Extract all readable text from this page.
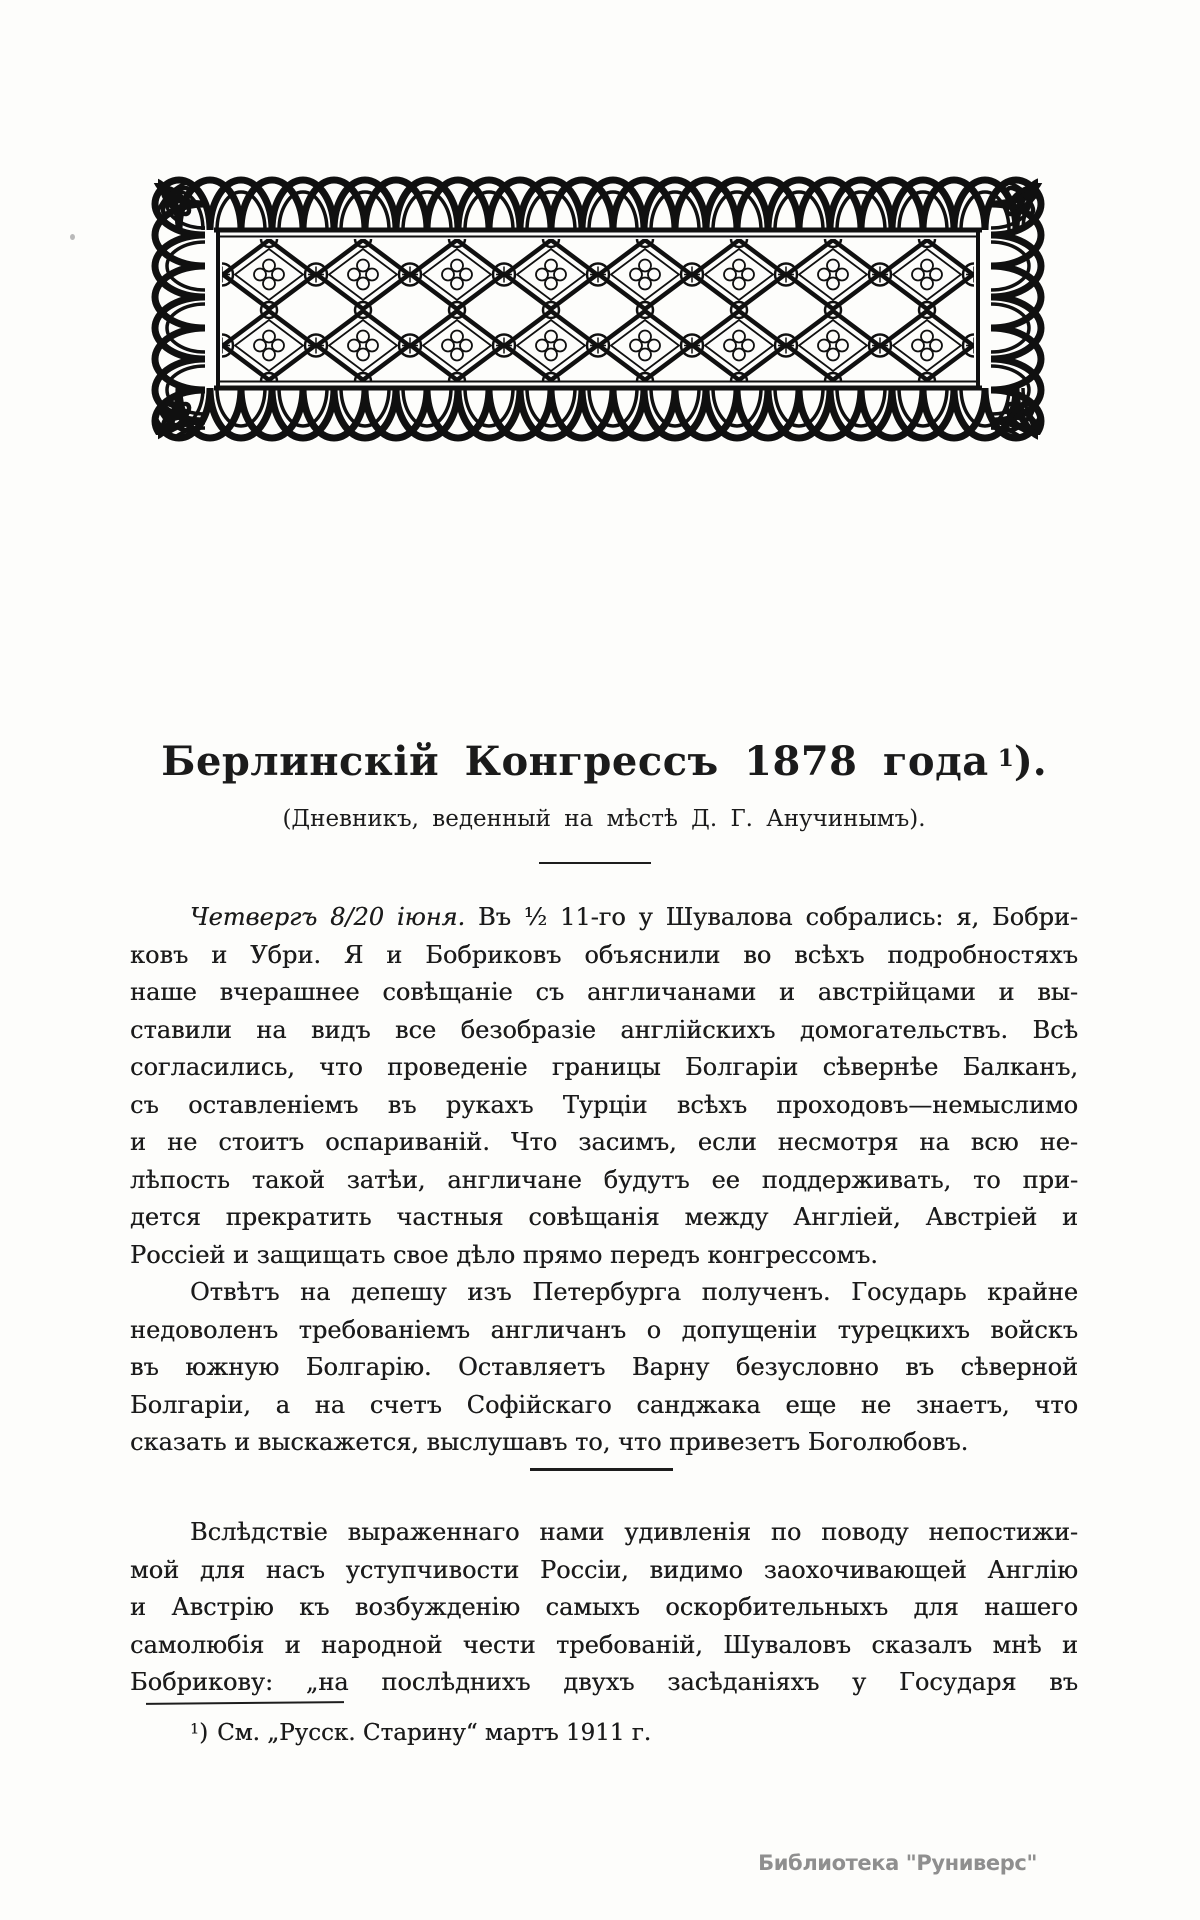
Берлинскій Конгрессъ 1878 года $^1$).
(Дневникъ, веденный на мѣстѣ Д. Г. Анучинымъ).
Четвергъ 8/20 іюня. Въ ½ 11-го у Шувалова собрались: я, Бобри-
ковъ и Убри. Я и Бобриковъ объяснили во всѣхъ подробностяхъ
наше вчерашнее совѣщаніе съ англичанами и австрійцами и вы-
ставили на видъ все безобразіе англійскихъ домогательствъ. Всѣ
согласились, что проведеніе границы Болгаріи сѣвернѣе Балканъ,
съ оставленіемъ въ рукахъ Турціи всѣхъ проходовъ—немыслимо
и не стоитъ оспариваній. Что засимъ, если несмотря на всю не-
лѣпость такой затѣи, англичане будутъ ее поддерживать, то при-
дется прекратить частныя совѣщанія между Англіей, Австріей и
Россіей и защищать свое дѣло прямо передъ конгрессомъ.
Отвѣтъ на депешу изъ Петербурга полученъ. Государь крайне
недоволенъ требованіемъ англичанъ о допущеніи турецкихъ войскъ
въ южную Болгарію. Оставляетъ Варну безусловно въ сѣверной
Болгаріи, а на счетъ Софійскаго санджака еще не знаетъ, что
сказать и выскажется, выслушавъ то, что привезетъ Боголюбовъ.
Вслѣдствіе выраженнаго нами удивленія по поводу непостижи-
мой для насъ уступчивости Россіи, видимо заохочивающей Англію
и Австрію къ возбужденію самыхъ оскорбительныхъ для нашего
самолюбія и народной чести требованій, Шуваловъ сказалъ мнѣ и
Бобрикову: „на послѣднихъ двухъ засѣданіяхъ у Государя въ
$^1$) См. „Русск. Старину“ мартъ 1911 г.
Библиотека "Руниверс"
